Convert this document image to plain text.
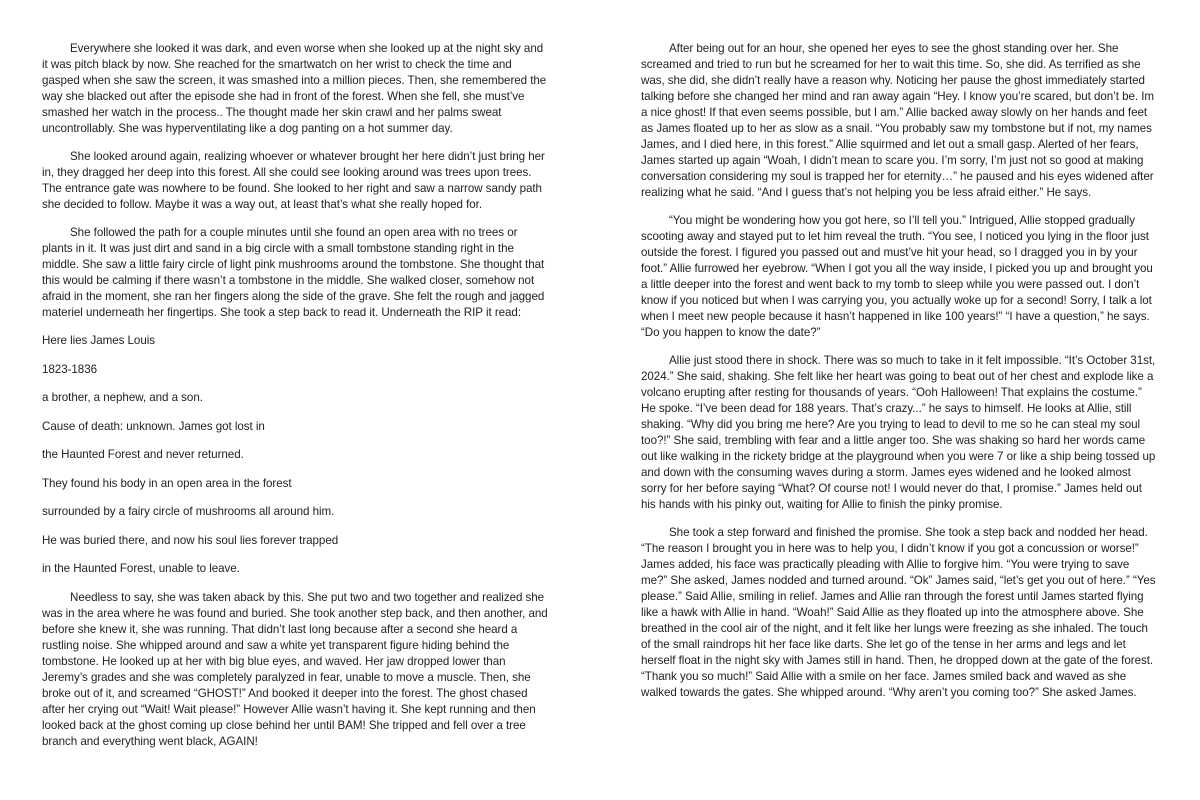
Everywhere she looked it was dark, and even worse when she looked up at the night sky and it was pitch black by now. She reached for the smartwatch on her wrist to check the time and gasped when she saw the screen, it was smashed into a million pieces. Then, she remembered the way she blacked out after the episode she had in front of the forest. When she fell, she must’ve smashed her watch in the process.. The thought made her skin crawl and her palms sweat uncontrollably. She was hyperventilating like a dog panting on a hot summer day.

She looked around again, realizing whoever or whatever brought her here didn’t just bring her in, they dragged her deep into this forest. All she could see looking around was trees upon trees. The entrance gate was nowhere to be found. She looked to her right and saw a narrow sandy path she decided to follow. Maybe it was a way out, at least that’s what she really hoped for.

She followed the path for a couple minutes until she found an open area with no trees or plants in it. It was just dirt and sand in a big circle with a small tombstone standing right in the middle. She saw a little fairy circle of light pink mushrooms around the tombstone. She thought that this would be calming if there wasn’t a tombstone in the middle. She walked closer, somehow not afraid in the moment, she ran her fingers along the side of the grave. She felt the rough and jagged materiel underneath her fingertips. She took a step back to read it. Underneath the RIP it read:

Here lies James Louis

1823-1836

a brother, a nephew, and a son.

Cause of death: unknown. James got lost in

the Haunted Forest and never returned.

They found his body in an open area in the forest

surrounded by a fairy circle of mushrooms all around him.

He was buried there, and now his soul lies forever trapped

in the Haunted Forest, unable to leave.

Needless to say, she was taken aback by this. She put two and two together and realized she was in the area where he was found and buried. She took another step back, and then another, and before she knew it, she was running. That didn’t last long because after a second she heard a rustling noise. She whipped around and saw a white yet transparent figure hiding behind the tombstone. He looked up at her with big blue eyes, and waved. Her jaw dropped lower than Jeremy’s grades and she was completely paralyzed in fear, unable to move a muscle. Then, she broke out of it, and screamed “GHOST!” And booked it deeper into the forest. The ghost chased after her crying out “Wait! Wait please!” However Allie wasn’t having it. She kept running and then looked back at the ghost coming up close behind her until BAM! She tripped and fell over a tree branch and everything went black, AGAIN!

After being out for an hour, she opened her eyes to see the ghost standing over her. She screamed and tried to run but he screamed for her to wait this time. So, she did. As terrified as she was, she did, she didn’t really have a reason why. Noticing her pause the ghost immediately started talking before she changed her mind and ran away again “Hey. I know you’re scared, but don’t be. Im a nice ghost! If that even seems possible, but I am.” Allie backed away slowly on her hands and feet as James floated up to her as slow as a snail. “You probably saw my tombstone but if not, my names James, and I died here, in this forest.” Allie squirmed and let out a small gasp. Alerted of her fears, James started up again “Woah, I didn’t mean to scare you. I’m sorry, I’m just not so good at making conversation considering my soul is trapped her for eternity…” he paused and his eyes widened after realizing what he said. “And I guess that’s not helping you be less afraid either.” He says.

“You might be wondering how you got here, so I’ll tell you.” Intrigued, Allie stopped gradually scooting away and stayed put to let him reveal the truth. “You see, I noticed you lying in the floor just outside the forest. I figured you passed out and must’ve hit your head, so I dragged you in by your foot.” Allie furrowed her eyebrow. “When I got you all the way inside, I picked you up and brought you a little deeper into the forest and went back to my tomb to sleep while you were passed out. I don’t know if you noticed but when I was carrying you, you actually woke up for a second! Sorry, I talk a lot when I meet new people because it hasn’t happened in like 100 years!” “I have a question,” he says. “Do you happen to know the date?”

Allie just stood there in shock. There was so much to take in it felt impossible. “It’s October 31st, 2024.” She said, shaking. She felt like her heart was going to beat out of her chest and explode like a volcano erupting after resting for thousands of years. “Ooh Halloween! That explains the costume.” He spoke. “I’ve been dead for 188 years. That’s crazy...” he says to himself. He looks at Allie, still shaking. “Why did you bring me here? Are you trying to lead to devil to me so he can steal my soul too?!” She said, trembling with fear and a little anger too. She was shaking so hard her words came out like walking in the rickety bridge at the playground when you were 7 or like a ship being tossed up and down with the consuming waves during a storm. James eyes widened and he looked almost sorry for her before saying “What? Of course not! I would never do that, I promise.” James held out his hands with his pinky out, waiting for Allie to finish the pinky promise.

She took a step forward and finished the promise. She took a step back and nodded her head. “The reason I brought you in here was to help you, I didn’t know if you got a concussion or worse!” James added, his face was practically pleading with Allie to forgive him. “You were trying to save me?” She asked, James nodded and turned around. “Ok” James said, “let’s get you out of here.” “Yes please.” Said Allie, smiling in relief. James and Allie ran through the forest until James started flying like a hawk with Allie in hand. “Woah!” Said Allie as they floated up into the atmosphere above. She breathed in the cool air of the night, and it felt like her lungs were freezing as she inhaled. The touch of the small raindrops hit her face like darts. She let go of the tense in her arms and legs and let herself float in the night sky with James still in hand. Then, he dropped down at the gate of the forest. “Thank you so much!” Said Allie with a smile on her face. James smiled back and waved as she walked towards the gates. She whipped around. “Why aren’t you coming too?” She asked James.
